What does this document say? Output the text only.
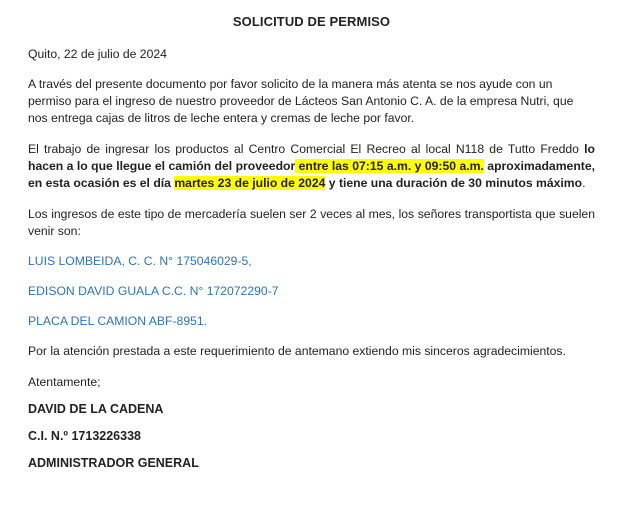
SOLICITUD DE PERMISO

Quito, 22 de julio de 2024

A través del presente documento por favor solicito de la manera más atenta se nos ayude con un permiso para el ingreso de nuestro proveedor de Lácteos San Antonio C. A. de la empresa Nutri, que nos entrega cajas de litros de leche entera y cremas de leche por favor.

El trabajo de ingresar los productos al Centro Comercial El Recreo al local N118 de Tutto Freddo lo hacen a lo que llegue el camión del proveedor entre las 07:15 a.m. y 09:50 a.m. aproximadamente, en esta ocasión es el día martes 23 de julio de 2024 y tiene una duración de 30 minutos máximo.

Los ingresos de este tipo de mercadería suelen ser 2 veces al mes, los señores transportista que suelen venir son:

LUIS LOMBEIDA, C. C. N° 175046029-5,

EDISON DAVID GUALA C.C. N° 172072290-7

PLACA DEL CAMION ABF-8951.

Por la atención prestada a este requerimiento de antemano extiendo mis sinceros agradecimientos.

Atentamente;

DAVID DE LA CADENA

C.I. N.º 1713226338

ADMINISTRADOR GENERAL
